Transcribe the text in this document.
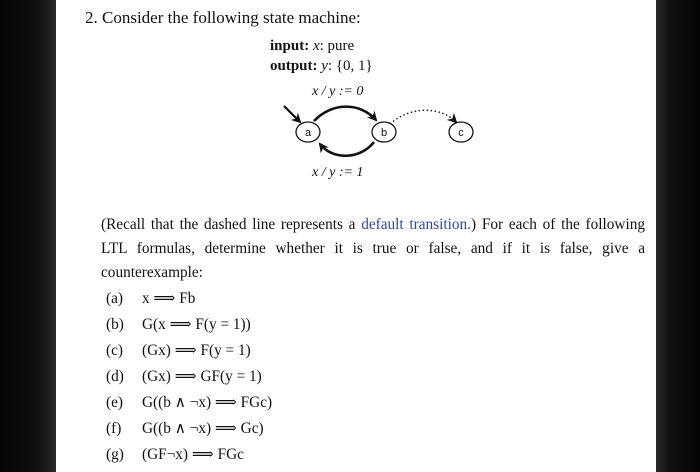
2. Consider the following state machine:
input: x: pure
output: y: {0, 1}
x / y := 0
x / y := 1
a	b	c
(Recall that the dashed line represents a default transition.) For each of the following LTL formulas, determine whether it is true or false, and if it is false, give a counterexample:
(a) x ⟹ Fb
(b) G(x ⟹ F(y = 1))
(c) (Gx) ⟹ F(y = 1)
(d) (Gx) ⟹ GF(y = 1)
(e) G((b ∧ ¬x) ⟹ FGc)
(f) G((b ∧ ¬x) ⟹ Gc)
(g) (GF¬x) ⟹ FGc
